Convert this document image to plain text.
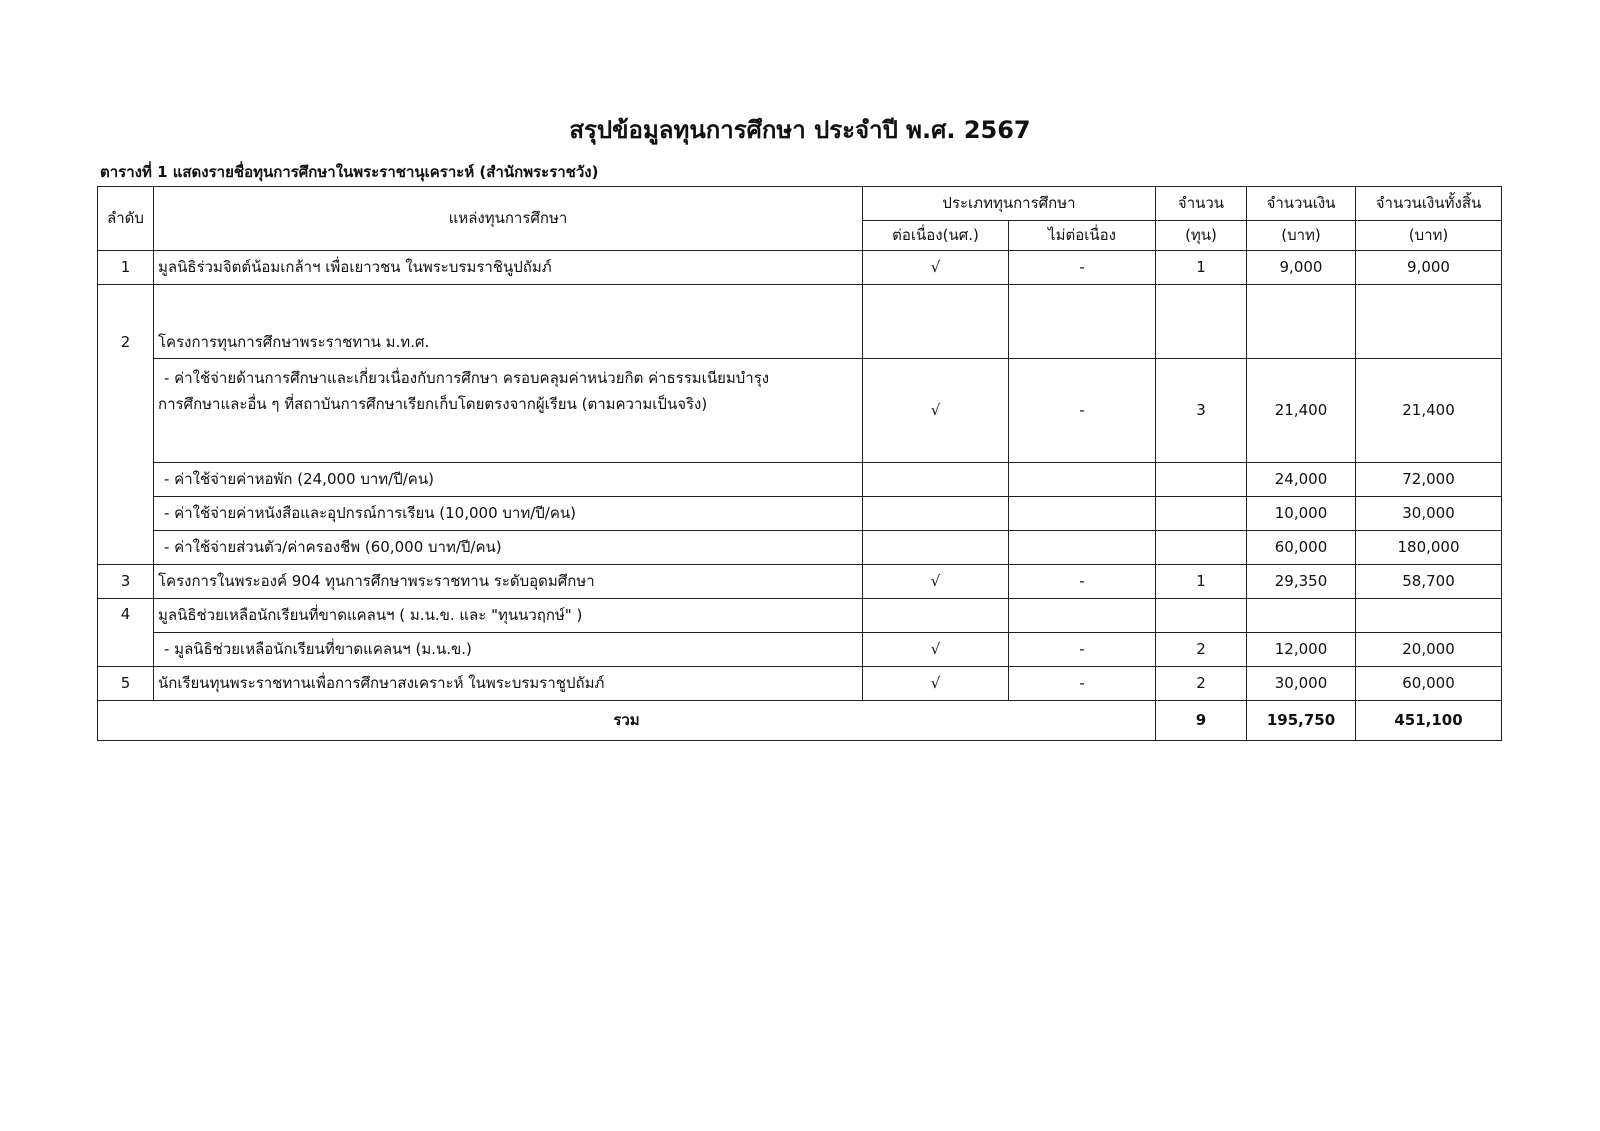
สรุปข้อมูลทุนการศึกษา ประจำปี พ.ศ. 2567

ตารางที่ 1 แสดงรายชื่อทุนการศึกษาในพระราชานุเคราะห์ (สำนักพระราชวัง)

ลำดับ	แหล่งทุนการศึกษา	ประเภททุนการศึกษา		จำนวน	จำนวนเงิน	จำนวนเงินทั้งสิ้น
		ต่อเนื่อง(นศ.)	ไม่ต่อเนื่อง	(ทุน)	(บาท)	(บาท)
1	มูลนิธิร่วมจิตต์น้อมเกล้าฯ เพื่อเยาวชน ในพระบรมราชินูปถัมภ์	√	-	1	9,000	9,000
2	โครงการทุนการศึกษาพระราชทาน ม.ท.ศ.					

	- ค่าใช้จ่ายด้านการศึกษาและเกี่ยวเนื่องกับการศึกษา ครอบคลุมค่าหน่วยกิต ค่าธรรมเนียมบำรุง
การศึกษาและอื่น ๆ ที่สถาบันการศึกษาเรียกเก็บโดยตรงจากผู้เรียน (ตามความเป็นจริง)	√	-	3	21,400	21,400
	- ค่าใช้จ่ายค่าหอพัก (24,000 บาท/ปี/คน)				24,000	72,000
	- ค่าใช้จ่ายค่าหนังสือและอุปกรณ์การเรียน (10,000 บาท/ปี/คน)				10,000	30,000
	- ค่าใช้จ่ายส่วนตัว/ค่าครองชีพ (60,000 บาท/ปี/คน)				60,000	180,000
3	โครงการในพระองค์ 904 ทุนการศึกษาพระราชทาน ระดับอุดมศึกษา	√	-	1	29,350	58,700
4	มูลนิธิช่วยเหลือนักเรียนที่ขาดแคลนฯ ( ม.น.ข. และ "ทุนนวฤกษ์" )					
	- มูลนิธิช่วยเหลือนักเรียนที่ขาดแคลนฯ (ม.น.ข.)	√	-	2	12,000	20,000
5	นักเรียนทุนพระราชทานเพื่อการศึกษาสงเคราะห์ ในพระบรมราชูปถัมภ์	√	-	2	30,000	60,000
รวม				9	195,750	451,100
